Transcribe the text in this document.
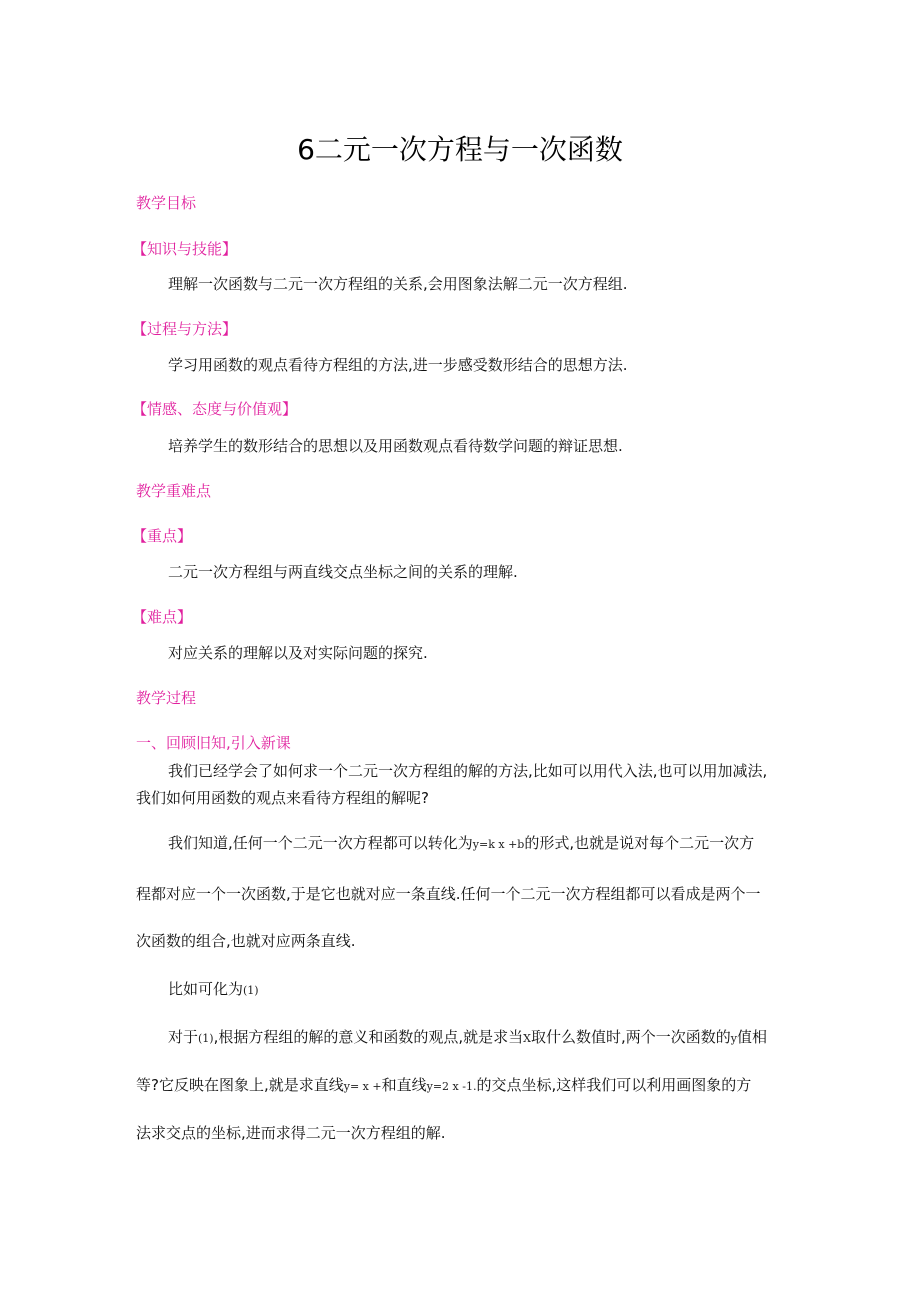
6二元一次方程与一次函数
教学目标
【知识与技能】
理解一次函数与二元一次方程组的关系,会用图象法解二元一次方程组.
【过程与方法】
学习用函数的观点看待方程组的方法,进一步感受数形结合的思想方法.
【情感、态度与价值观】
培养学生的数形结合的思想以及用函数观点看待数学问题的辩证思想.
教学重难点
【重点】
二元一次方程组与两直线交点坐标之间的关系的理解.
【难点】
对应关系的理解以及对实际问题的探究.
教学过程
一、回顾旧知,引入新课
我们已经学会了如何求一个二元一次方程组的解的方法,比如可以用代入法,也可以用加减法,
我们如何用函数的观点来看待方程组的解呢?
我们知道,任何一个二元一次方程都可以转化为y=k x +b的形式,也就是说对每个二元一次方
程都对应一个一次函数,于是它也就对应一条直线.任何一个二元一次方程组都可以看成是两个一
次函数的组合,也就对应两条直线.
比如可化为(1)
对于(1),根据方程组的解的意义和函数的观点,就是求当X取什么数值时,两个一次函数的y值相
等?它反映在图象上,就是求直线y= x +和直线y=2 x -1.的交点坐标,这样我们可以利用画图象的方
法求交点的坐标,进而求得二元一次方程组的解.
